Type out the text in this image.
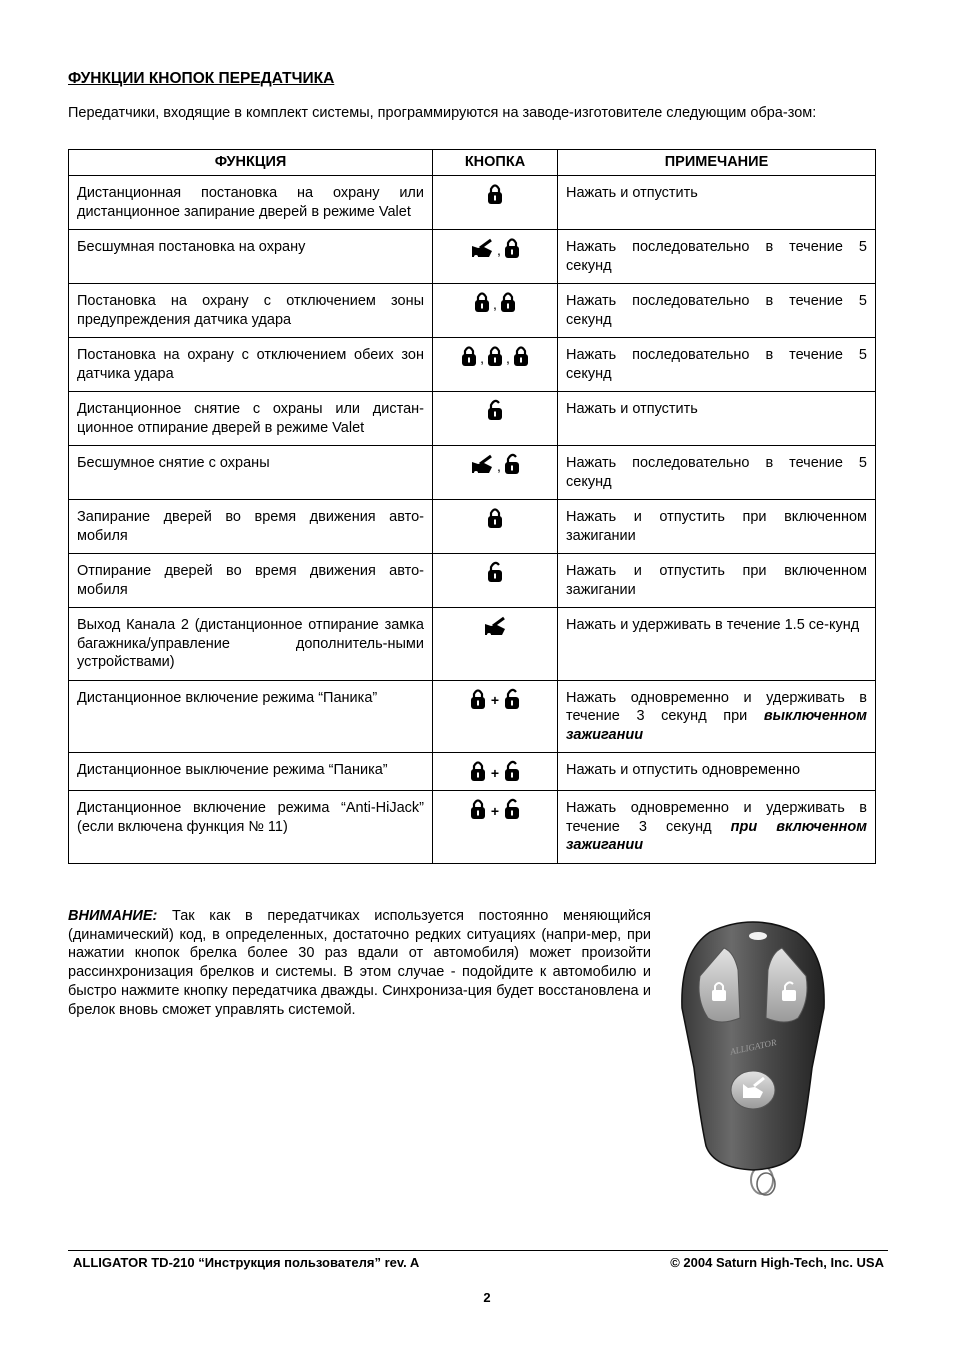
ФУНКЦИИ КНОПОК ПЕРЕДАТЧИКА
Передатчики, входящие в комплект системы, программируются на заводе-изготовителе следующим обра-зом:
ФУНКЦИЯ	КНОПКА	ПРИМЕЧАНИЕ
Дистанционная постановка на охрану или дистанционное запирание дверей в режиме Valet		Нажать и отпустить
Бесшумная постановка на охрану	,	Нажать последовательно в течение 5 секунд
Постановка на охрану с отключением зоны предупреждения датчика удара	,	Нажать последовательно в течение 5 секунд
Постановка на охрану с отключением обеих зон датчика удара	, ,	Нажать последовательно в течение 5 секунд
Дистанционное снятие с охраны или дистан-ционное отпирание дверей в режиме Valet		Нажать и отпустить
Бесшумное снятие с охраны	,	Нажать последовательно в течение 5 секунд
Запирание дверей во время движения авто-мобиля		Нажать и отпустить при включенном зажигании
Отпирание дверей во время движения авто-мобиля		Нажать и отпустить при включенном зажигании
Выход Канала 2 (дистанционное отпирание замка багажника/управление дополнитель-ными устройствами)		Нажать и удерживать в течение 1.5 се-кунд
Дистанционное включение режима “Паника”	+	Нажать одновременно и удерживать в течение 3 секунд при выключенном зажигании
Дистанционное выключение режима “Паника”	+	Нажать и отпустить одновременно
Дистанционное включение режима “Anti-HiJack” (если включена функция № 11)	+	Нажать одновременно и удерживать в течение 3 секунд при включенном зажигании
ВНИМАНИЕ: Так как в передатчиках используется постоянно меняющийся (динамический) код, в определенных, достаточно редких ситуациях (напри-мер, при нажатии кнопок брелка более 30 раз вдали от автомобиля) может произойти рассинхронизация брелков и системы. В этом случае - подойдите к автомобилю и быстро нажмите кнопку передатчика дважды. Синхрониза-ция будет восстановлена и брелок вновь сможет управлять системой.
ALLIGATOR
ALLIGATOR TD-210 “Инструкция пользователя” rev. A	© 2004 Saturn High-Tech, Inc. USA
2
